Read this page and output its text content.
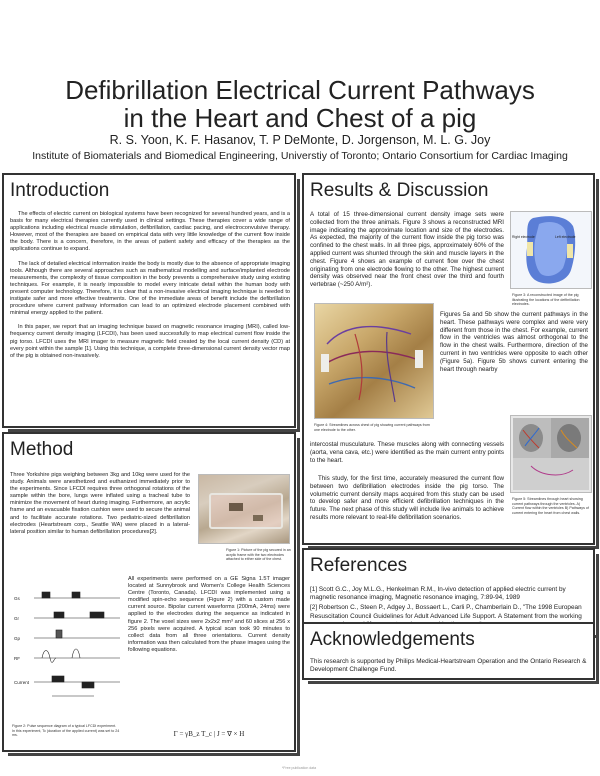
Defibrillation Electrical Current Pathways
in the Heart and Chest of a pig
R. S. Yoon, K. F. Hasanov, T. P DeMonte, D. Jorgenson, M. L. G. Joy
Institute of Biomaterials and Biomedical Engineering, Universtiy of Toronto; Ontario Consortium for Cardiac Imaging
Introduction

The effects of electric current on biological systems have been recognized for several hundred years, and is a basis for many electrical therapies currently used in clinical settings. These therapies cover a wide range of applications including electrical muscle stimulation, defibrillation, cardiac pacing, and electroconvulsive therapy. However, most of the therapies are based on empirical data with very little knowledge of the current flow inside the body. There is a concern, therefore, in the areas of patient safety and efficacy of the therapies as the applications continue to expand.

The lack of detailed electrical information inside the body is mostly due to the absence of appropriate imaging tools. Although there are several approaches such as mathematical modelling and surface/implanted electrode measurements, the complexity of tissue composition in the body prevents a comprehensive study using existing techniques. For example, it is nearly impossible to model every intricate detail within the human body with present computer technology. Therefore, it is clear that a non-invasive electrical imaging technique is needed to instigate safer and more effective treatments. One of the immediate areas of benefit include the defibrillation procedure where current pathway information can lead to an optimized electrode placement combined with minimal energy applied to the patient.

In this paper, we report that an imaging technique based on magnetic resonance imaging (MRI), called low-frequency current density imaging (LFCDI), has been used successfully to map electrical current flow inside the pig torso. LFCDI uses the MRI imager to measure magnetic field created by the local current density (CD) at every point within the sample [1]. Using this technique, a complete three-dimensional current density vector map of the pig is obtained non-invasively.

Method
Three Yorkshire pigs weighing between 3kg and 10kg were used for the study. Animals were anesthetized and euthanized immediately prior to the experiments. Since LFCDI requires three orthogonal rotations of the sample within the bore, lungs were inflated using a tracheal tube to minimize the movement of heart during imaging. Furthermore, an acrylic frame and an evacuable fixation cushion were used to secure the animal and to facilitate accurate rotations. Two pediatric-sized defibrillation electrodes (Heartstream corp., Seattle WA) were placed in a lateral-lateral position similar to human defibrillation procedures[2].
Figure 1: Picture of the pig secured in an acrylic frame with the two electrodes attached to either side of the chest.
Gs
Gr
Gp
RF
Current
Figure 2: Pulse sequence diagram of a typical LFCDI experiment. In this experiment, Tc (duration of the applied current) was set to 24 ms.
All experiments were performed on a GE Signa 1.5T imager located at Sunnybrook and Women's College Health Sciences Centre (Toronto, Canada). LFCDI was implemented using a modified spin-echo sequence (Figure 2) with a custom made current source. Bipolar current waveforms (200mA, 24ms) were applied to the electrodes during the sequence as indicated in figure 2. The voxel sizes were 2x2x2 mm³ and 60 slices at 256 x 256 pixels were acquired. A typical scan took 90 minutes to collect data from all three orientations. Current density information was then calculated from the phase images using the following equations.
Γ = γB_z T_c | J = ∇ × H
Results & Discussion
A total of 15 three-dimensional current density image sets were collected from the three animals. Figure 3 shows a reconstructed MRI image indicating the approximate location and size of the electrodes. As expected, the majority of the current flow inside the pig torso was confined to the chest walls. In all three pigs, approximately 60% of the applied current was shunted through the skin and muscle layers in the chest. Figure 4 shows an example of current flow over the chest originating from one electrode flowing to the other. The highest current density was observed near the front chest over the third and fourth vertebrae (~250 A/m²).
Right electrode	Left electrode
Figure 3: A reconstructed image of the pig illustrating the locations of the defibrillation electrodes.
Figure 4: Streamlines across chest of pig showing current pathways from one electrode to the other.
Figures 5a and 5b show the current pathways in the heart. These pathways were complex and were very different from those in the chest. For example, current flow in the ventricles was almost orthogonal to the flow in the chest walls. Furthermore, direction of the current in two ventricles were opposite to each other (Figure 5a). Figure 5b shows current entering the heart through nearby
intercostal musculature. These muscles along with connecting vessels (aorta, vena cava, etc.) were identified as the main current entry points to the heart.
This study, for the first time, accurately measured the current flow between two defibrillation electrodes inside the pig torso. The volumetric current density maps acquired from this study can be used to develop safer and more efficient defibrillation techniques in the future. The next phase of this study will include live animals to achieve results more relevant to real-life defibrillation scenarios.
Figure 5: Streamlines through heart showing current pathways through the ventricles. A) Current flow within the ventricles B) Pathways of current entering the heart from chest walls.
References
[1] Scott G.C., Joy M.L.G., Henkelman R.M., In-vivo detection of applied electric current by magnetic resonance imaging, Magnetic resonance imaging, 7:89-94, 1989
[2] Robertson C., Steen P., Adgey J., Bossaert L., Carli P., Chamberlain D., "The 1998 European Resuscitation Council Guidelines for Adult Advanced Life Support. A Statement from the working
Acknowledgements
This research is supported by Philips Medical-Heartstream Operation and the Ontario Research & Development Challenge Fund.
*Free publication data
